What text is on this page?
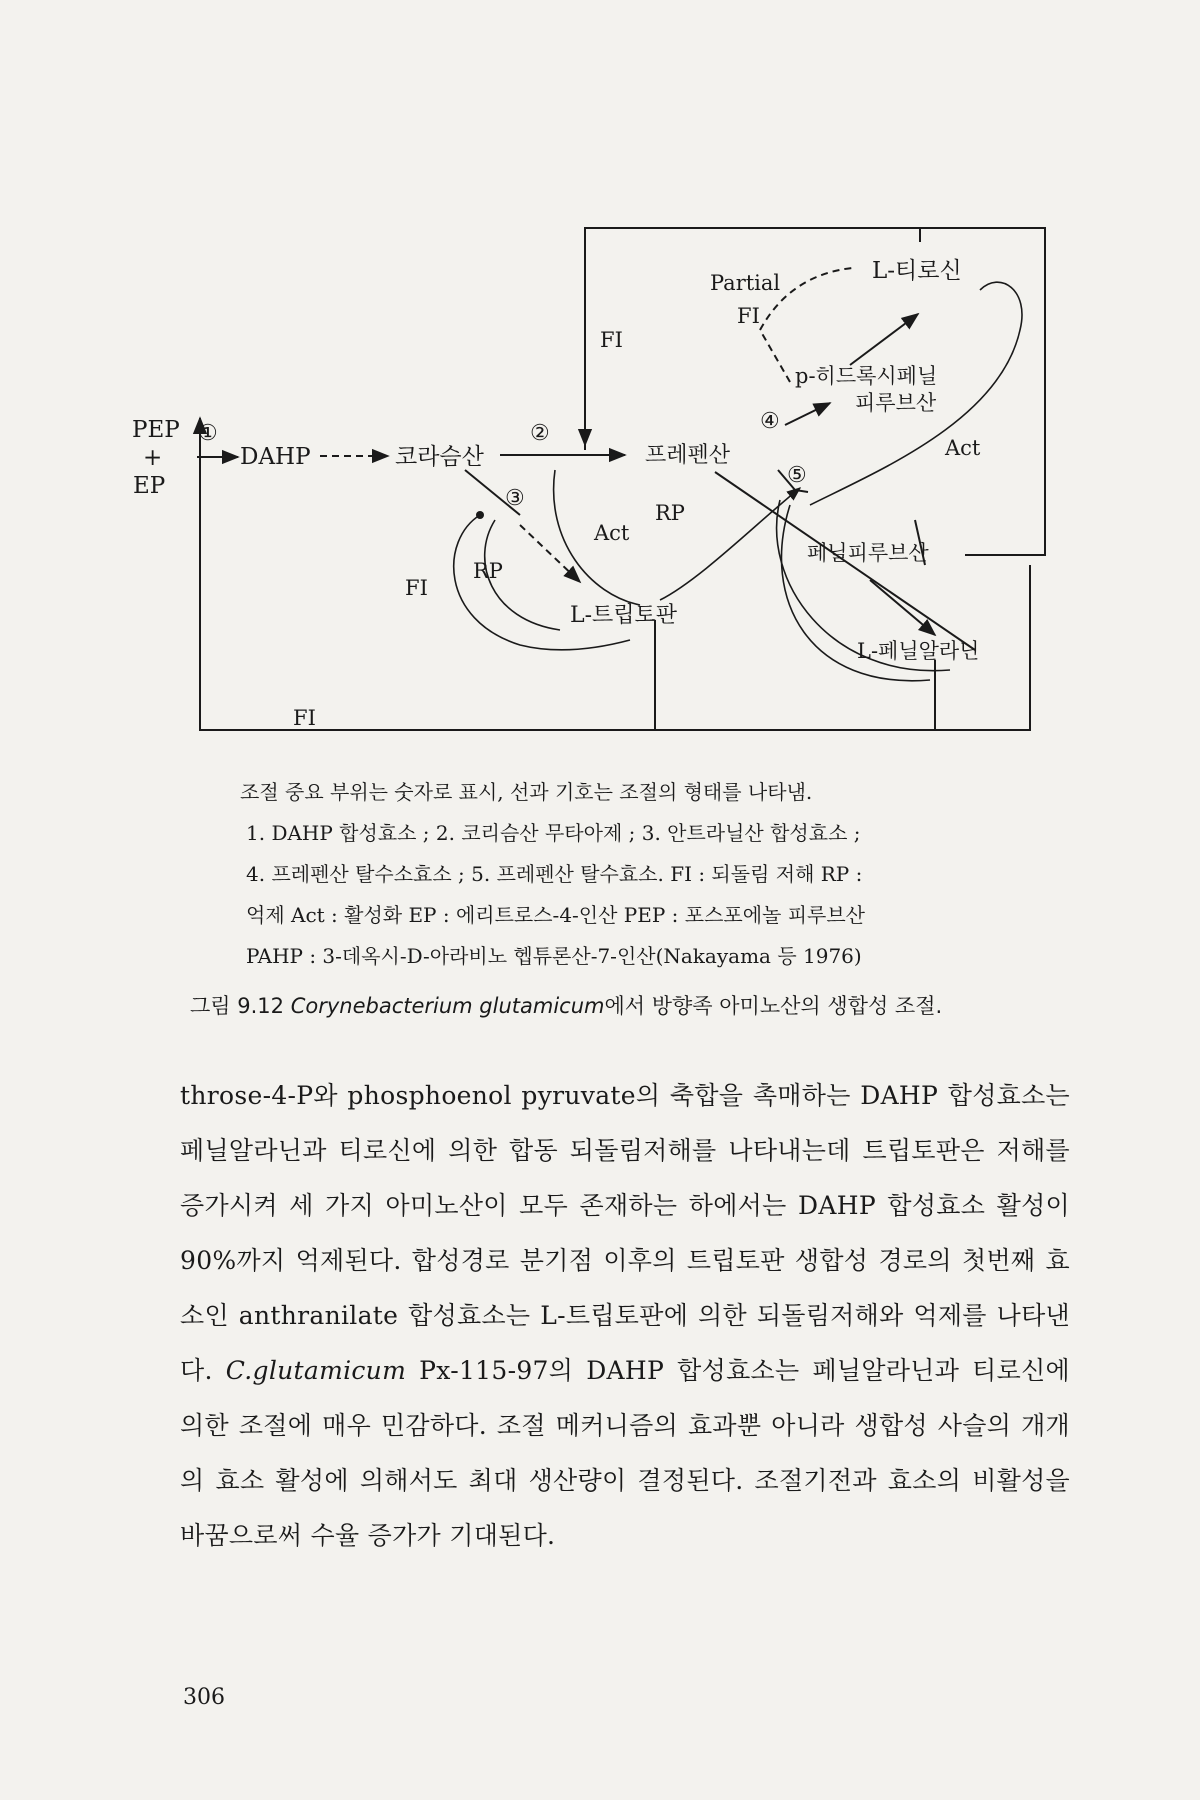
PEP
+
EP
①
DAHP	코라슴산
②
프레펜산
L-티로신
Partial
FI
FI
p-히드록시페닐
피루브산
④
Act
⑤
③
RP
Act
RP
FI
페닐피루브산
L-트립토판
L-페닐알라닌
FI
조절 중요 부위는 숫자로 표시, 선과 기호는 조절의 형태를 나타냄.
1. DAHP 합성효소 ; 2. 코리슴산 무타아제 ; 3. 안트라닐산 합성효소 ;
4. 프레펜산 탈수소효소 ; 5. 프레펜산 탈수효소. FI : 되돌림 저해 RP :
억제 Act : 활성화 EP : 에리트로스-4-인산 PEP : 포스포에놀 피루브산
PAHP : 3-데옥시-D-아라비노 헵튜론산-7-인산(Nakayama 등 1976)
그림 9.12 Corynebacterium glutamicum에서 방향족 아미노산의 생합성 조절.
throse-4-P와 phosphoenol pyruvate의 축합을 촉매하는 DAHP 합성효소는 페닐알라닌과 티로신에 의한 합동 되돌림저해를 나타내는데 트립토판은 저해를 증가시켜 세 가지 아미노산이 모두 존재하는 하에서는 DAHP 합성효소 활성이 90%까지 억제된다. 합성경로 분기점 이후의 트립토판 생합성 경로의 첫번째 효소인 anthranilate 합성효소는 L-트립토판에 의한 되돌림저해와 억제를 나타낸다. C.glutamicum Px-115-97의 DAHP 합성효소는 페닐알라닌과 티로신에 의한 조절에 매우 민감하다. 조절 메커니즘의 효과뿐 아니라 생합성 사슬의 개개의 효소 활성에 의해서도 최대 생산량이 결정된다. 조절기전과 효소의 비활성을 바꿈으로써 수율 증가가 기대된다.
306
